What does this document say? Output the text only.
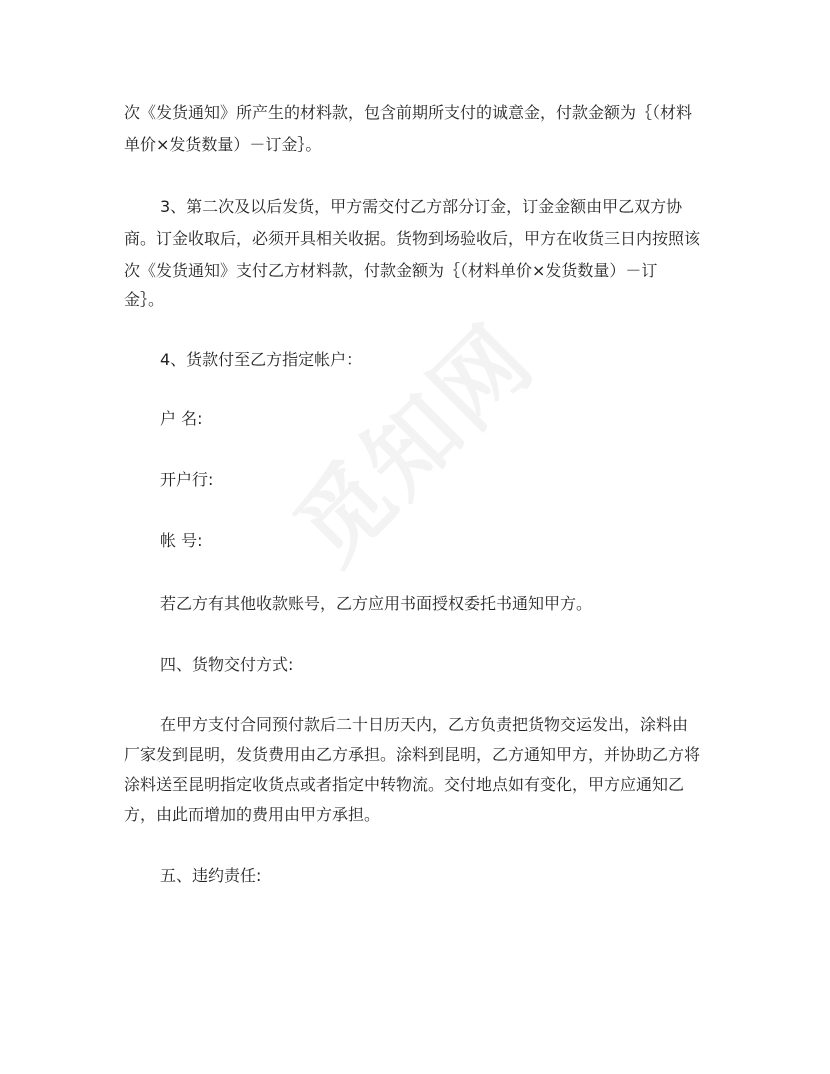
次《发货通知》所产生的材料款，包含前期所支付的诚意金，付款金额为｛（材料
单价×发货数量）－订金｝。
3、第二次及以后发货，甲方需交付乙方部分订金，订金金额由甲乙双方协
商。订金收取后，必须开具相关收据。货物到场验收后，甲方在收货三日内按照该
次《发货通知》支付乙方材料款，付款金额为｛（材料单价×发货数量）－订
金｝。
4、货款付至乙方指定帐户：
户 名:
开户行:
帐 号:
若乙方有其他收款账号，乙方应用书面授权委托书通知甲方。
四、货物交付方式:
在甲方支付合同预付款后二十日历天内，乙方负责把货物交运发出，涂料由
厂家发到昆明，发货费用由乙方承担。涂料到昆明，乙方通知甲方，并协助乙方将
涂料送至昆明指定收货点或者指定中转物流。交付地点如有变化，甲方应通知乙
方，由此而增加的费用由甲方承担。
五、违约责任:
